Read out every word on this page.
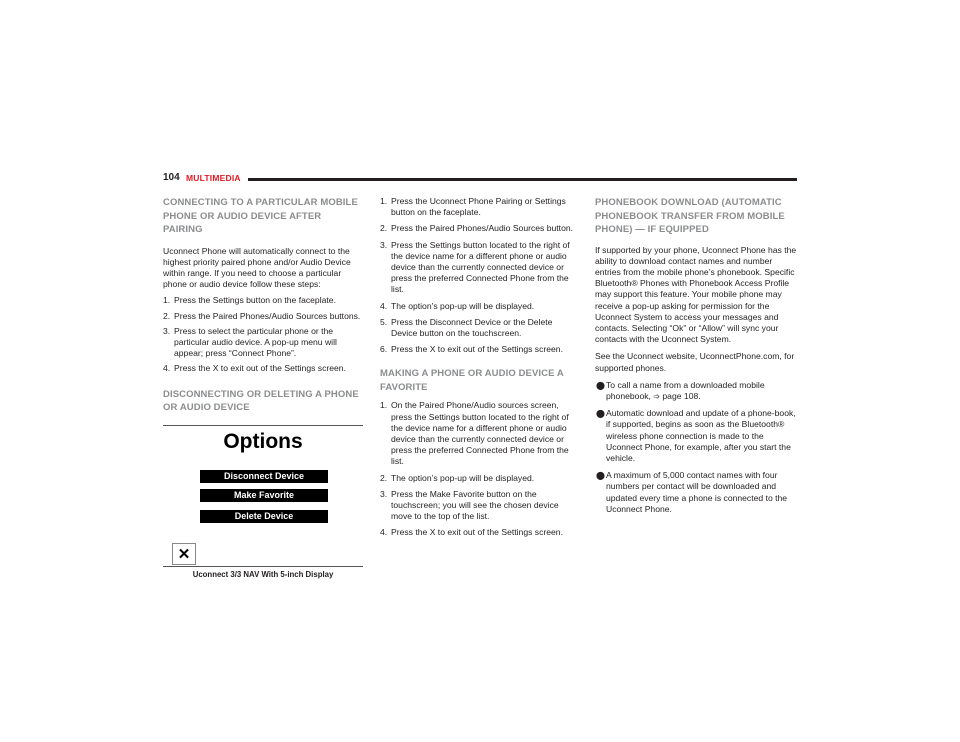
104 MULTIMEDIA
CONNECTING TO A PARTICULAR MOBILE PHONE OR AUDIO DEVICE AFTER PAIRING

Uconnect Phone will automatically connect to the highest priority paired phone and/or Audio Device within range. If you need to choose a particular phone or audio device follow these steps:

1. Press the Settings button on the faceplate.
2. Press the Paired Phones/Audio Sources buttons.
3. Press to select the particular phone or the particular audio device. A pop-up menu will appear; press “Connect Phone”.
4. Press the X to exit out of the Settings screen.
DISCONNECTING OR DELETING A PHONE OR AUDIO DEVICE
Options
Disconnect Device
Make Favorite
Delete Device
✕
Uconnect 3/3 NAV With 5-inch Display
1. Press the Uconnect Phone Pairing or Settings button on the faceplate.
2. Press the Paired Phones/Audio Sources button.
3. Press the Settings button located to the right of the device name for a different phone or audio device than the currently connected device or press the preferred Connected Phone from the list.
4. The option’s pop-up will be displayed.
5. Press the Disconnect Device or the Delete Device button on the touchscreen.
6. Press the X to exit out of the Settings screen.
MAKING A PHONE OR AUDIO DEVICE A FAVORITE
1. On the Paired Phone/Audio sources screen, press the Settings button located to the right of the device name for a different phone or audio device than the currently connected device or press the preferred Connected Phone from the list.
2. The option’s pop-up will be displayed.
3. Press the Make Favorite button on the touchscreen; you will see the chosen device move to the top of the list.
4. Press the X to exit out of the Settings screen.
PHONEBOOK DOWNLOAD (AUTOMATIC PHONEBOOK TRANSFER FROM MOBILE PHONE) — IF EQUIPPED

If supported by your phone, Uconnect Phone has the ability to download contact names and number entries from the mobile phone’s phonebook. Specific Bluetooth® Phones with Phonebook Access Profile may support this feature. Your mobile phone may receive a pop-up asking for permission for the Uconnect System to access your messages and contacts. Selecting “Ok” or “Allow” will sync your contacts with the Uconnect System.

See the Uconnect website, UconnectPhone.com, for supported phones.

⬤ To call a name from a downloaded mobile phonebook, ➩ page 108.
⬤ Automatic download and update of a phone-book, if supported, begins as soon as the Bluetooth® wireless phone connection is made to the Uconnect Phone, for example, after you start the vehicle.
⬤ A maximum of 5,000 contact names with four numbers per contact will be downloaded and updated every time a phone is connected to the Uconnect Phone.
